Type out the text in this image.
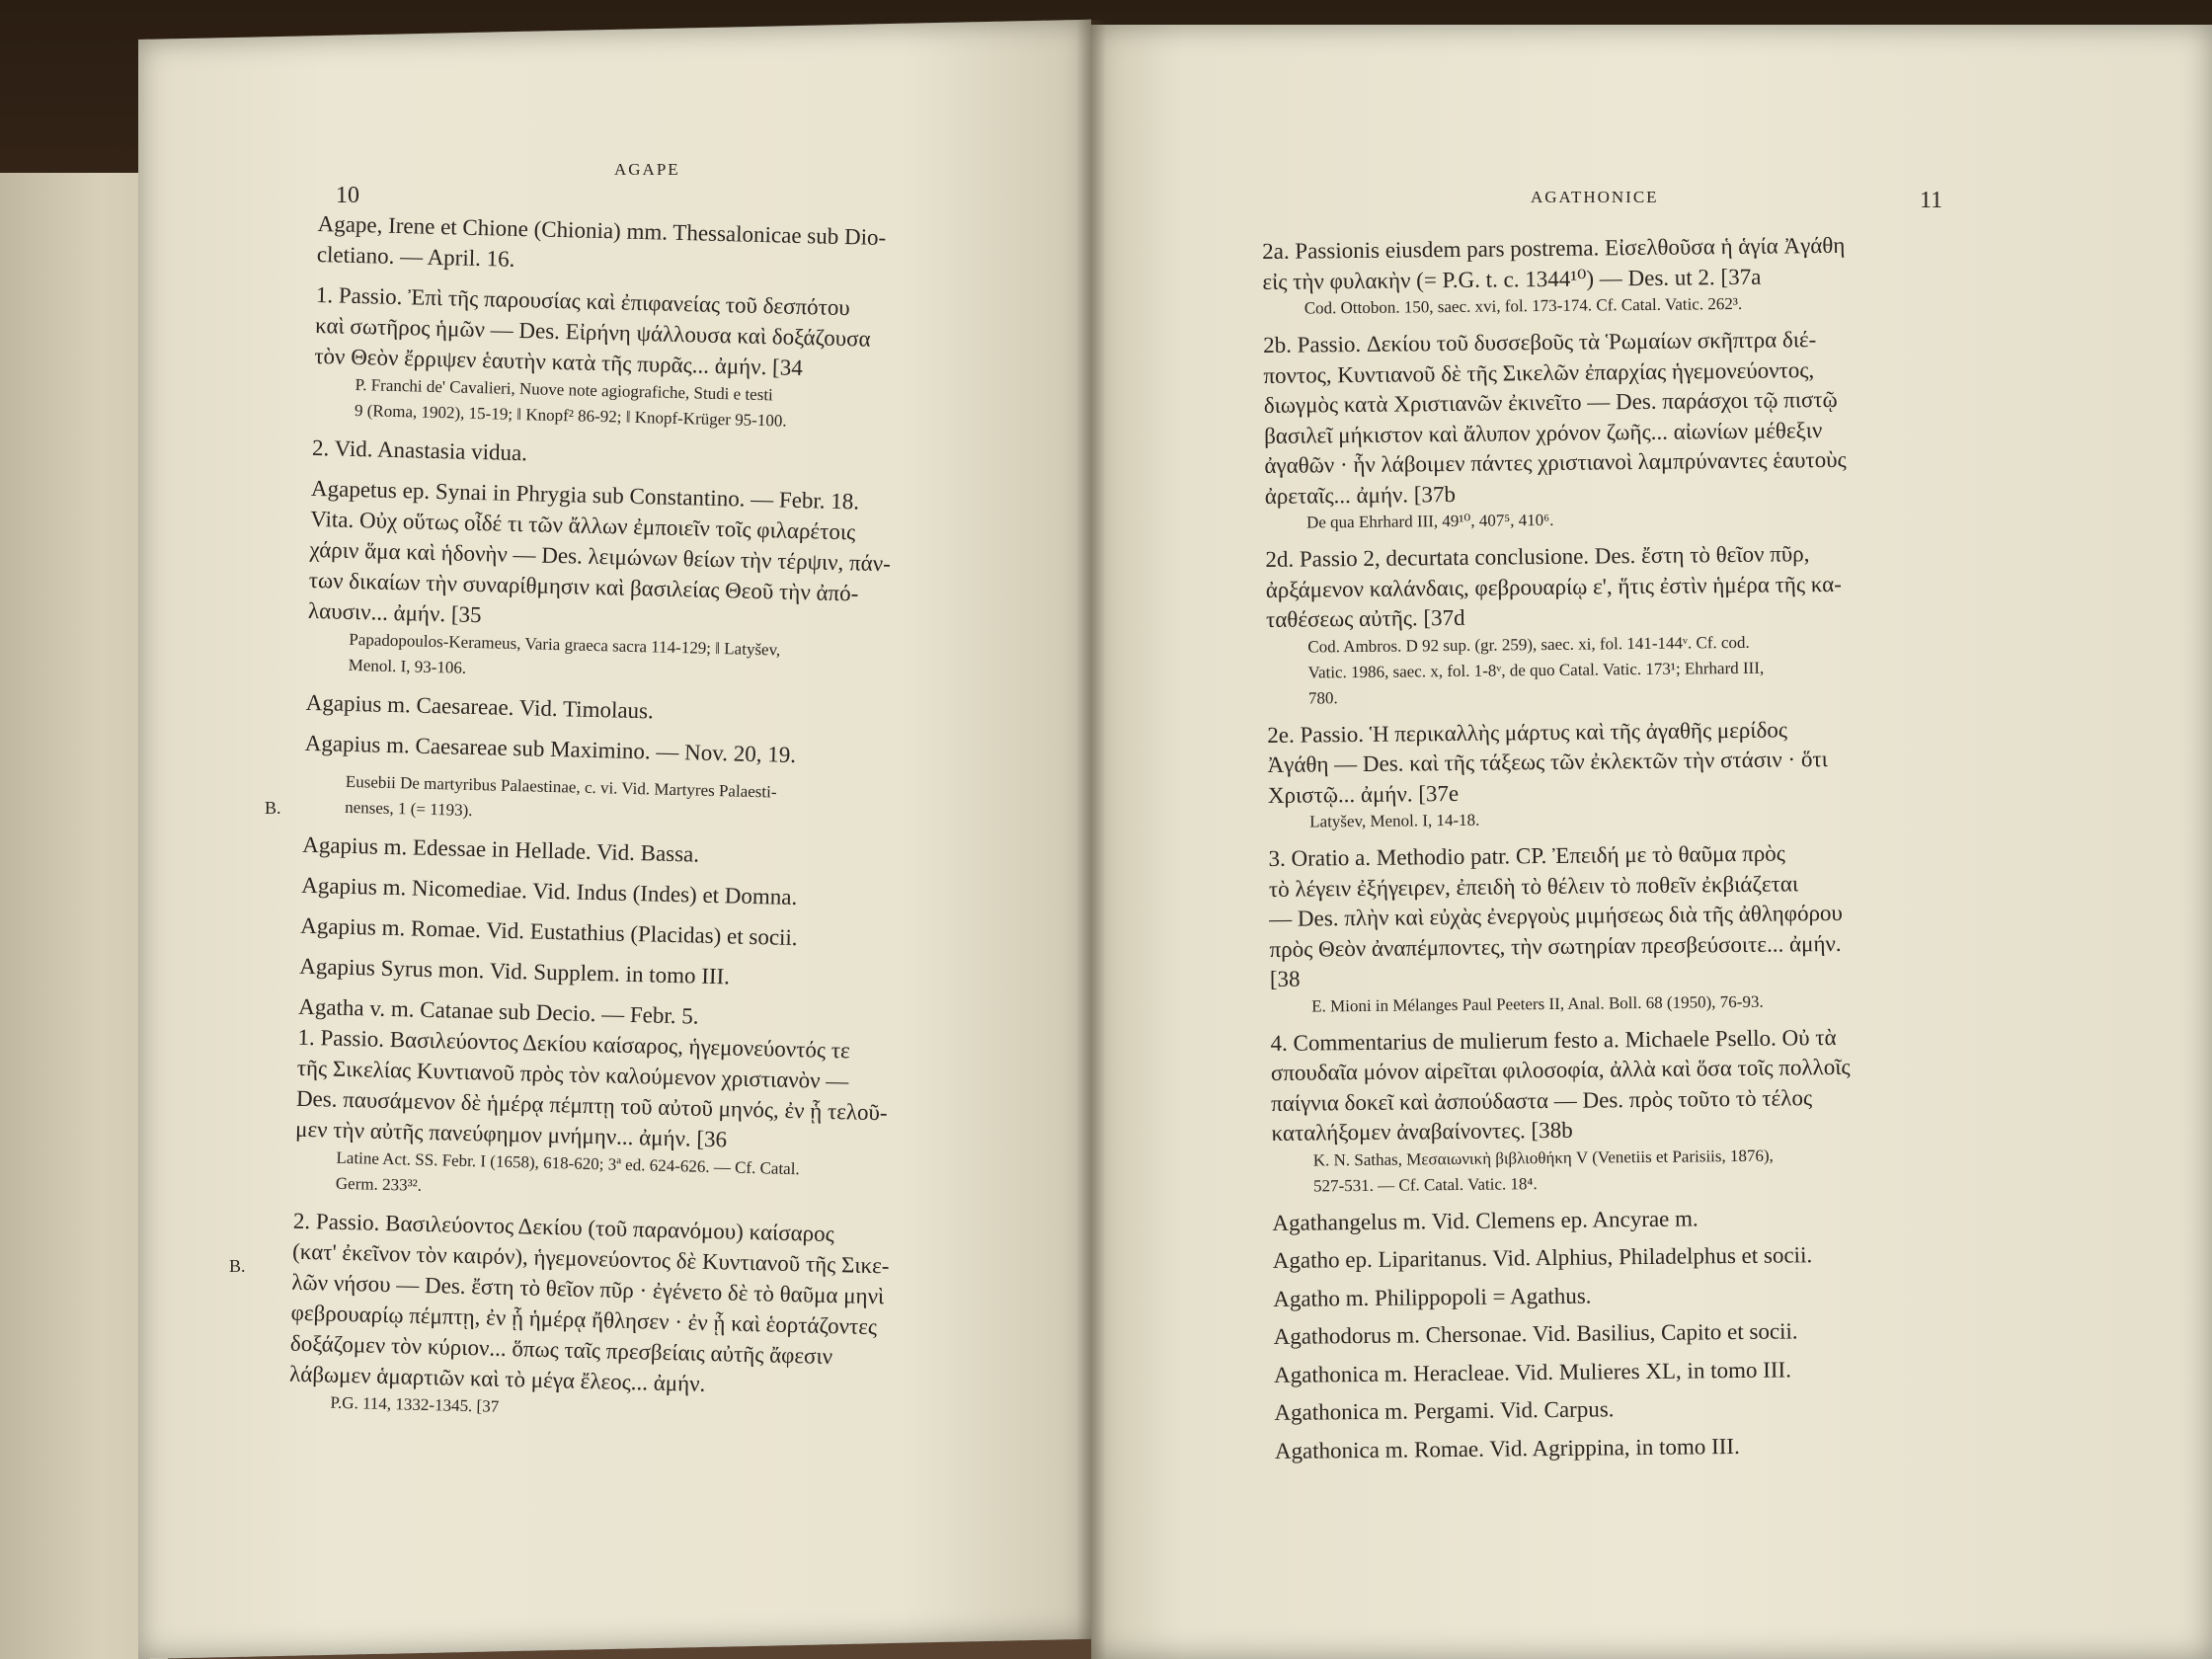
10
AGAPE
B.
B.
Agape, Irene et Chione (Chionia) mm. Thessalonicae sub Dio-
cletiano. — April. 16.
1. Passio. Ἐπὶ τῆς παρουσίας καὶ ἐπιφανείας τοῦ δεσπότου
καὶ σωτῆρος ἡμῶν — Des. Εἰρήνη ψάλλουσα καὶ δοξάζουσα
τὸν Θεὸν ἔρριψεν ἑαυτὴν κατὰ τῆς πυρᾶς... ἀμήν. [34
P. Franchi de' Cavalieri, Nuove note agiografiche, Studi e testi
9 (Roma, 1902), 15-19; ‖ Knopf² 86-92; ‖ Knopf-Krüger 95-100.
2. Vid. Anastasia vidua.
Agapetus ep. Synai in Phrygia sub Constantino. — Febr. 18.
Vita. Οὐχ οὕτως οἶδέ τι τῶν ἄλλων ἐμποιεῖν τοῖς φιλαρέτοις
χάριν ἅμα καὶ ἡδονὴν — Des. λειμώνων θείων τὴν τέρψιν, πάν-
των δικαίων τὴν συναρίθμησιν καὶ βασιλείας Θεοῦ τὴν ἀπό-
λαυσιν... ἀμήν. [35
Papadopoulos-Kerameus, Varia graeca sacra 114-129; ‖ Latyšev,
Menol. I, 93-106.
Agapius m. Caesareae. Vid. Timolaus.
Agapius m. Caesareae sub Maximino. — Nov. 20, 19.
Eusebii De martyribus Palaestinae, c. vi. Vid. Martyres Palaesti-
nenses, 1 (= 1193).
Agapius m. Edessae in Hellade. Vid. Bassa.
Agapius m. Nicomediae. Vid. Indus (Indes) et Domna.
Agapius m. Romae. Vid. Eustathius (Placidas) et socii.
Agapius Syrus mon. Vid. Supplem. in tomo III.
Agatha v. m. Catanae sub Decio. — Febr. 5.
1. Passio. Βασιλεύοντος Δεκίου καίσαρος, ἡγεμονεύοντός τε
τῆς Σικελίας Κυντιανοῦ πρὸς τὸν καλούμενον χριστιανὸν —
Des. παυσάμενον δὲ ἡμέρᾳ πέμπτῃ τοῦ αὐτοῦ μηνός, ἐν ᾗ τελοῦ-
μεν τὴν αὐτῆς πανεύφημον μνήμην... ἀμήν. [36
Latine Act. SS. Febr. I (1658), 618-620; 3ª ed. 624-626. — Cf. Catal.
Germ. 233³².
2. Passio. Βασιλεύοντος Δεκίου (τοῦ παρανόμου) καίσαρος
(κατ' ἐκεῖνον τὸν καιρόν), ἡγεμονεύοντος δὲ Κυντιανοῦ τῆς Σικε-
λῶν νήσου — Des. ἔστη τὸ θεῖον πῦρ · ἐγένετο δὲ τὸ θαῦμα μηνὶ
φεβρουαρίῳ πέμπτῃ, ἐν ᾗ ἡμέρᾳ ἤθλησεν · ἐν ᾗ καὶ ἑορτάζοντες
δοξάζομεν τὸν κύριον... ὅπως ταῖς πρεσβείαις αὐτῆς ἄφεσιν
λάβωμεν ἁμαρτιῶν καὶ τὸ μέγα ἔλεος... ἀμήν.
P.G. 114, 1332-1345. [37
AGATHONICE	11
2a. Passionis eiusdem pars postrema. Εἰσελθοῦσα ἡ ἁγία Ἀγάθη
εἰς τὴν φυλακὴν (= P.G. t. c. 1344¹⁰) — Des. ut 2. [37a
Cod. Ottobon. 150, saec. xvi, fol. 173-174. Cf. Catal. Vatic. 262³.
2b. Passio. Δεκίου τοῦ δυσσεβοῦς τὰ Ῥωμαίων σκῆπτρα διέ-
ποντος, Κυντιανοῦ δὲ τῆς Σικελῶν ἐπαρχίας ἡγεμονεύοντος,
διωγμὸς κατὰ Χριστιανῶν ἐκινεῖτο — Des. παράσχοι τῷ πιστῷ
βασιλεῖ μήκιστον καὶ ἄλυπον χρόνον ζωῆς... αἰωνίων μέθεξιν
ἀγαθῶν · ἧν λάβοιμεν πάντες χριστιανοὶ λαμπρύναντες ἑαυτοὺς
ἀρεταῖς... ἀμήν. [37b
De qua Ehrhard III, 49¹⁰, 407⁵, 410⁶.
2d. Passio 2, decurtata conclusione. Des. ἔστη τὸ θεῖον πῦρ,
ἀρξάμενον καλάνδαις, φεβρουαρίῳ ε', ἥτις ἐστὶν ἡμέρα τῆς κα-
ταθέσεως αὐτῆς. [37d
Cod. Ambros. D 92 sup. (gr. 259), saec. xi, fol. 141-144ᵛ. Cf. cod.
Vatic. 1986, saec. x, fol. 1-8ᵛ, de quo Catal. Vatic. 173¹; Ehrhard III,
780.
2e. Passio. Ἡ περικαλλὴς μάρτυς καὶ τῆς ἀγαθῆς μερίδος
Ἀγάθη — Des. καὶ τῆς τάξεως τῶν ἐκλεκτῶν τὴν στάσιν · ὅτι
Χριστῷ... ἀμήν. [37e
Latyšev, Menol. I, 14-18.
3. Oratio a. Methodio patr. CP. Ἐπειδή με τὸ θαῦμα πρὸς
τὸ λέγειν ἐξήγειρεν, ἐπειδὴ τὸ θέλειν τὸ ποθεῖν ἐκβιάζεται
— Des. πλὴν καὶ εὐχὰς ἐνεργοὺς μιμήσεως διὰ τῆς ἀθληφόρου
πρὸς Θεὸν ἀναπέμποντες, τὴν σωτηρίαν πρεσβεύσοιτε... ἀμήν.
[38
E. Mioni in Mélanges Paul Peeters II, Anal. Boll. 68 (1950), 76-93.
4. Commentarius de mulierum festo a. Michaele Psello. Οὐ τὰ
σπουδαῖα μόνον αἱρεῖται φιλοσοφία, ἀλλὰ καὶ ὅσα τοῖς πολλοῖς
παίγνια δοκεῖ καὶ ἀσπούδαστα — Des. πρὸς τοῦτο τὸ τέλος
καταλήξομεν ἀναβαίνοντες. [38b
K. N. Sathas, Μεσαιωνικὴ βιβλιοθήκη V (Venetiis et Parisiis, 1876),
527-531. — Cf. Catal. Vatic. 18⁴.
Agathangelus m. Vid. Clemens ep. Ancyrae m.
Agatho ep. Liparitanus. Vid. Alphius, Philadelphus et socii.
Agatho m. Philippopoli = Agathus.
Agathodorus m. Chersonae. Vid. Basilius, Capito et socii.
Agathonica m. Heracleae. Vid. Mulieres XL, in tomo III.
Agathonica m. Pergami. Vid. Carpus.
Agathonica m. Romae. Vid. Agrippina, in tomo III.
